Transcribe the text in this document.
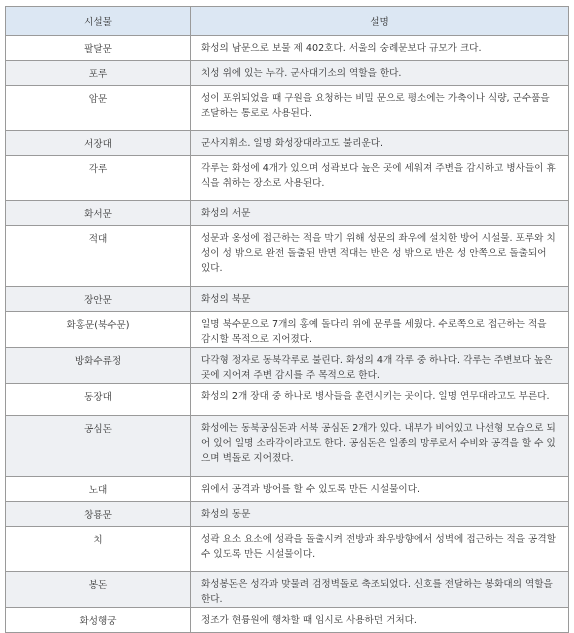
시설물	설명
팔달문	화성의 남문으로 보물 제 402호다. 서울의 숭례문보다 규모가 크다.
포루	치성 위에 있는 누각. 군사대기소의 역할을 한다.
암문	성이 포위되었을 때 구원을 요청하는 비밀 문으로 평소에는 가축이나 식량, 군수품을 조달하는 통로로 사용된다.
서장대	군사지휘소. 일명 화성장대라고도 불리운다.
각루	각루는 화성에 4개가 있으며 성곽보다 높은 곳에 세워져 주변을 감시하고 병사들이 휴식을 취하는 장소로 사용된다.
화서문	화성의 서문
적대	성문과 옹성에 접근하는 적을 막기 위해 성문의 좌우에 설치한 방어 시설물. 포루와 치성이 성 밖으로 완전 돌출된 반면 적대는 반은 성 밖으로 반은 성 안쪽으로 돌출되어 있다.
장안문	화성의 북문
화홍문(북수문)	일명 북수문으로 7개의 홍예 돌다리 위에 문루를 세웠다. 수로쪽으로 접근하는 적을 감시할 목적으로 지어졌다.
방화수류정	다각형 정자로 동북각루로 불린다. 화성의 4개 각루 중 하나다. 각루는 주변보다 높은 곳에 지어져 주변 감시를 주 목적으로 한다.
동장대	화성의 2개 장대 중 하나로 병사들을 훈련시키는 곳이다. 일명 연무대라고도 부른다.
공심돈	화성에는 동북공심돈과 서북 공심돈 2개가 있다. 내부가 비어있고 나선형 모습으로 되어 있어 일명 소라각이라고도 한다. 공심돈은 일종의 망루로서 수비와 공격을 할 수 있으며 벽돌로 지어졌다.
노대	위에서 공격과 방어를 할 수 있도록 만든 시설물이다.
창룡문	화성의 동문
치	성곽 요소 요소에 성곽을 돌출시켜 전방과 좌우방향에서 성벽에 접근하는 적을 공격할 수 있도록 만든 시설물이다.
봉돈	화성봉돈은 성각과 맞물려 검정벽돌로 축조되었다. 신호를 전달하는 봉화대의 역할을 한다.
화성행궁	정조가 현륭원에 행차할 때 임시로 사용하던 거처다.
